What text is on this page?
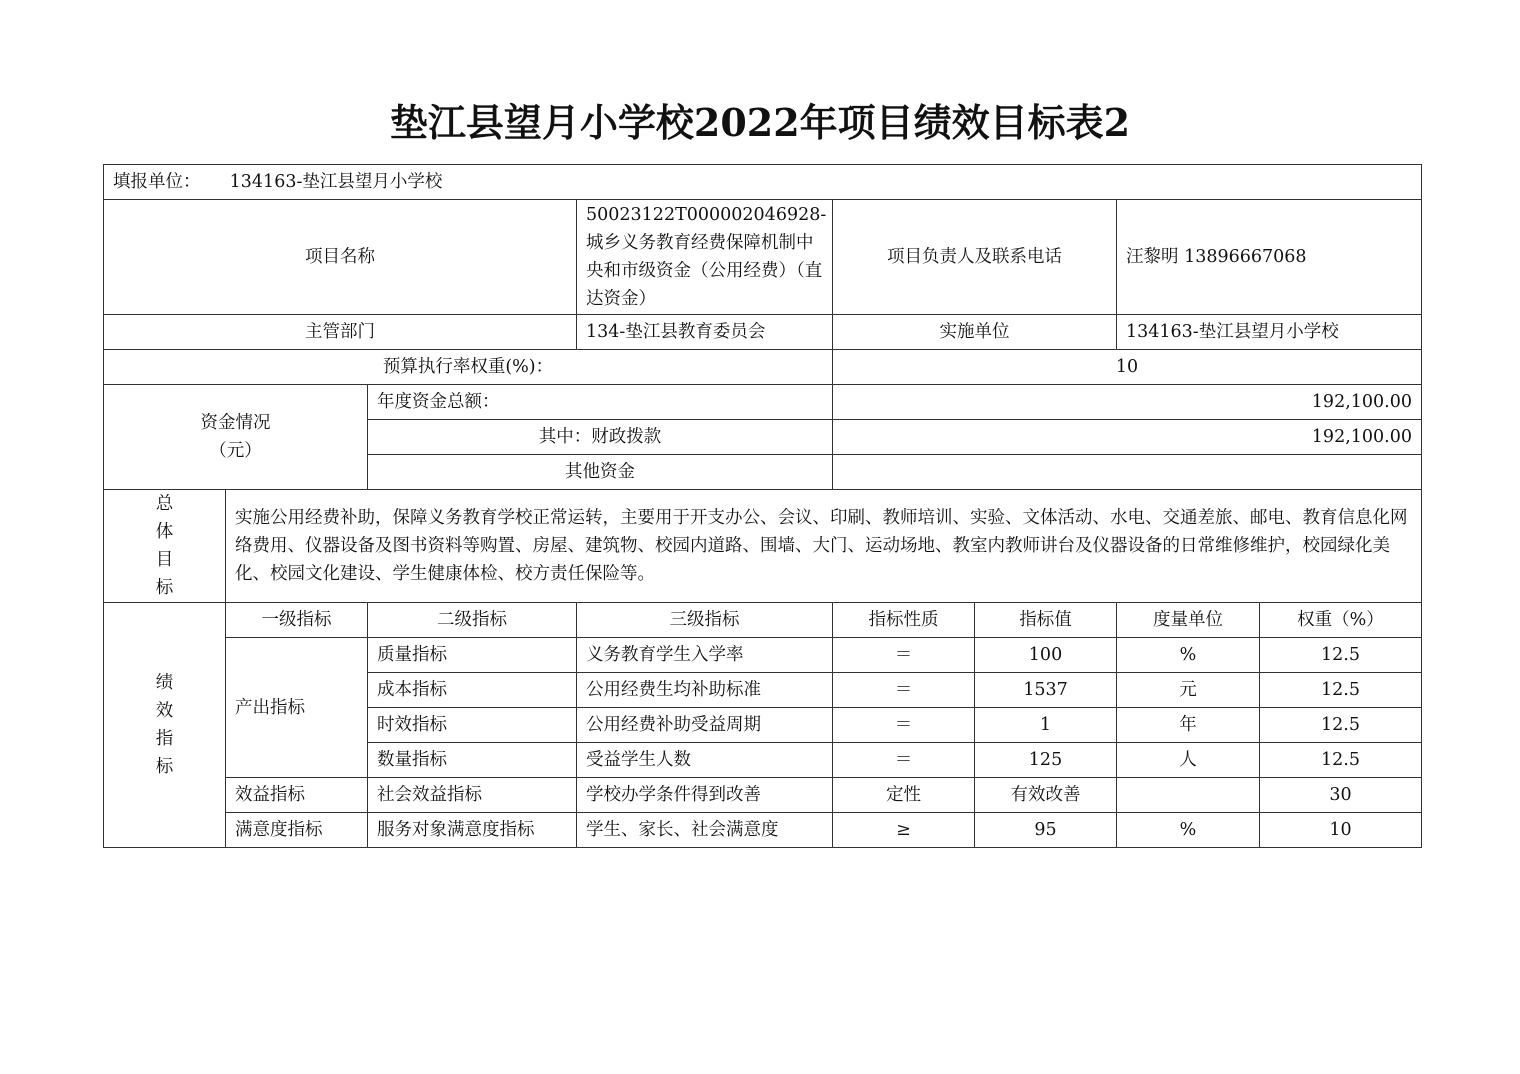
垫江县望月小学校2022年项目绩效目标表2
填报单位： 134163-垫江县望月小学校							
项目名称			50023122T000002046928-城乡义务教育经费保障机制中央和市级资金（公用经费）（直达资金）	项目负责人及联系电话		汪黎明 13896667068	
主管部门			134-垫江县教育委员会	实施单位		134163-垫江县望月小学校	
预算执行率权重(%)：				10			

资金情况
（元）		年度资金总额：		192,100.00			
		其中：财政拨款		192,100.00			
		其他资金					

总
体
目
标	实施公用经费补助，保障义务教育学校正常运转，主要用于开支办公、会议、印刷、教师培训、实验、文体活动、水电、交通差旅、邮电、教育信息化网络费用、仪器设备及图书资料等购置、房屋、建筑物、校园内道路、围墙、大门、运动场地、教室内教师讲台及仪器设备的日常维修维护，校园绿化美化、校园文化建设、学生健康体检、校方责任保险等。						

绩
效
指
标	一级指标	二级指标	三级指标	指标性质	指标值	度量单位	权重（%）
	产出指标	质量指标	义务教育学生入学率	＝	100	%	12.5
		成本指标	公用经费生均补助标准	＝	1537	元	12.5
		时效指标	公用经费补助受益周期	＝	1	年	12.5
		数量指标	受益学生人数	＝	125	人	12.5
	效益指标	社会效益指标	学校办学条件得到改善	定性	有效改善		30
	满意度指标	服务对象满意度指标	学生、家长、社会满意度	≥	95	%	10
